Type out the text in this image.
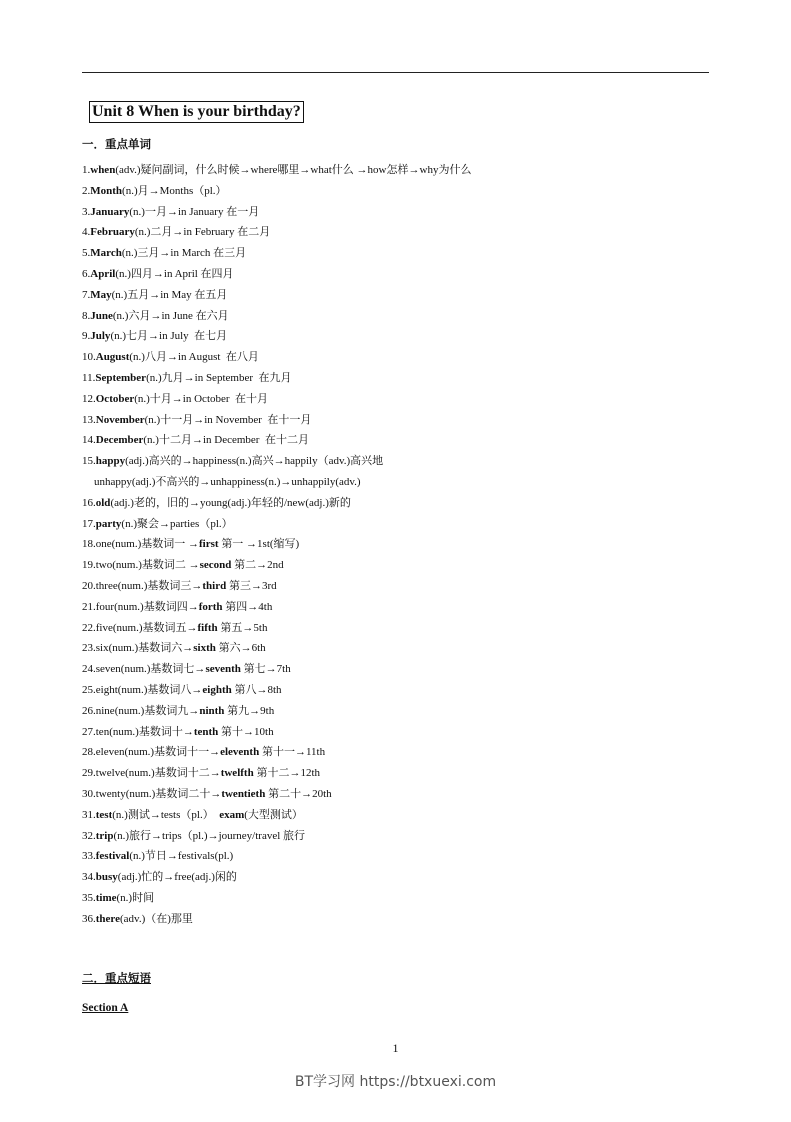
Unit 8 When is your birthday?
一．重点单词
1.when(adv.)疑问副词，什么时候→where哪里→what什么 →how怎样→why为什么
2.Month(n.)月→Months（pl.）
3.January(n.)一月→in January 在一月
4.February(n.)二月→in February 在二月
5.March(n.)三月→in March 在三月
6.April(n.)四月→in April 在四月
7.May(n.)五月→in May 在五月
8.June(n.)六月→in June 在六月
9.July(n.)七月→in July  在七月
10.August(n.)八月→in August  在八月
11.September(n.)九月→in September  在九月
12.October(n.)十月→in October  在十月
13.November(n.)十一月→in November  在十一月
14.December(n.)十二月→in December  在十二月
15.happy(adj.)高兴的→happiness(n.)高兴→happily（adv.)高兴地
unhappy(adj.)不高兴的→unhappiness(n.)→unhappily(adv.)
16.old(adj.)老的，旧的→young(adj.)年轻的/new(adj.)新的
17.party(n.)聚会→parties（pl.）
18.one(num.)基数词一 →first 第一 →1st(缩写)
19.two(num.)基数词二 →second 第二→2nd
20.three(num.)基数词三→third 第三→3rd
21.four(num.)基数词四→forth 第四→4th
22.five(num.)基数词五→fifth 第五→5th
23.six(num.)基数词六→sixth 第六→6th
24.seven(num.)基数词七→seventh 第七→7th
25.eight(num.)基数词八→eighth 第八→8th
26.nine(num.)基数词九→ninth 第九→9th
27.ten(num.)基数词十→tenth 第十→10th
28.eleven(num.)基数词十一→eleventh 第十一→11th
29.twelve(num.)基数词十二→twelfth 第十二→12th
30.twenty(num.)基数词二十→twentieth 第二十→20th
31.test(n.)测试→tests（pl.）  exam(大型测试）
32.trip(n.)旅行→trips（pl.)→journey/travel 旅行
33.festival(n.)节日→festivals(pl.)
34.busy(adj.)忙的→free(adj.)闲的
35.time(n.)时间
36.there(adv.)（在)那里
二．重点短语
Section A
1
BT学习网 https://btxuexi.com
